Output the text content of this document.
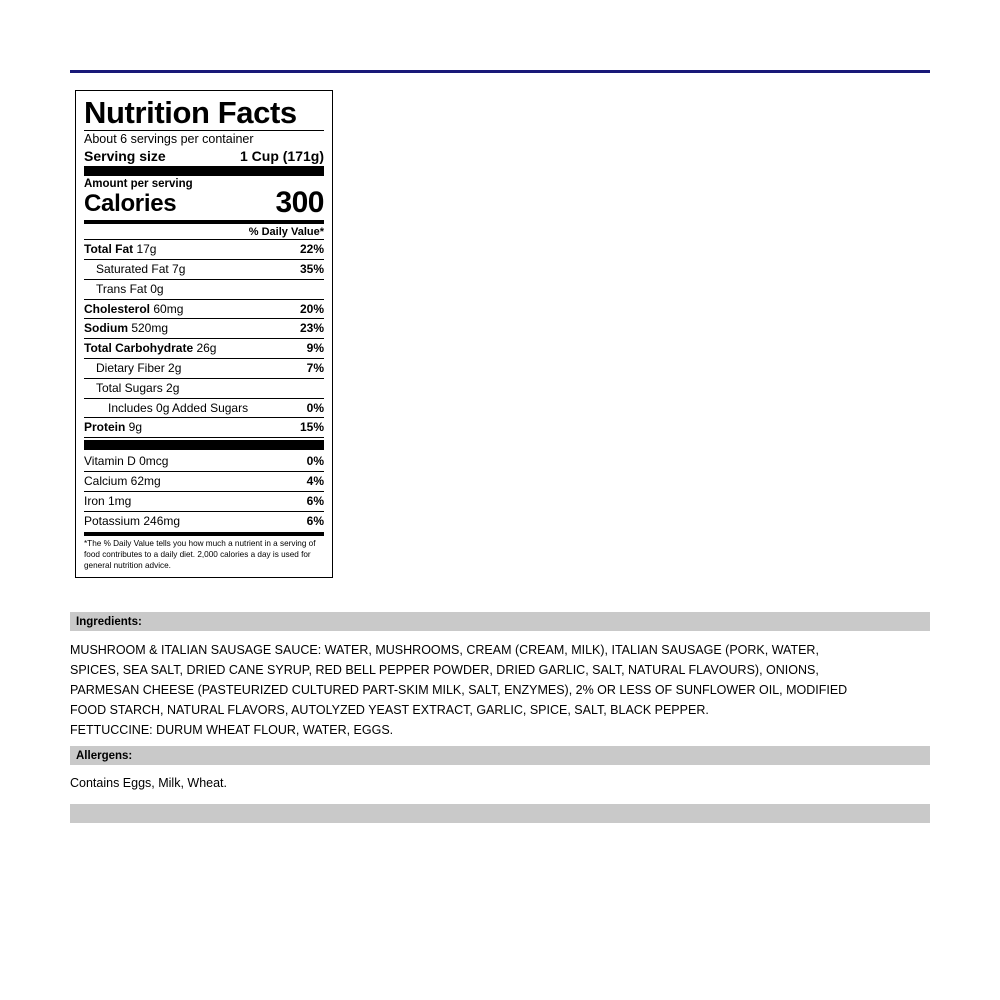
Nutrition Facts
About 6 servings per container
Serving size	1 Cup (171g)
Amount per serving
Calories	300
% Daily Value*
Total Fat 17g	22%
Saturated Fat 7g	35%
Trans Fat 0g
Cholesterol 60mg	20%
Sodium 520mg	23%
Total Carbohydrate 26g	9%
Dietary Fiber 2g	7%
Total Sugars 2g
Includes 0g Added Sugars	0%
Protein 9g	15%
Vitamin D 0mcg	0%
Calcium 62mg	4%
Iron 1mg	6%
Potassium 246mg	6%
*The % Daily Value tells you how much a nutrient in a serving of food contributes to a daily diet. 2,000 calories a day is used for general nutrition advice.
Ingredients:

MUSHROOM & ITALIAN SAUSAGE SAUCE: WATER, MUSHROOMS, CREAM (CREAM, MILK), ITALIAN SAUSAGE (PORK, WATER,

SPICES, SEA SALT, DRIED CANE SYRUP, RED BELL PEPPER POWDER, DRIED GARLIC, SALT, NATURAL FLAVOURS), ONIONS,

PARMESAN CHEESE (PASTEURIZED CULTURED PART-SKIM MILK, SALT, ENZYMES), 2% OR LESS OF SUNFLOWER OIL, MODIFIED

FOOD STARCH, NATURAL FLAVORS, AUTOLYZED YEAST EXTRACT, GARLIC, SPICE, SALT, BLACK PEPPER.

FETTUCCINE: DURUM WHEAT FLOUR, WATER, EGGS.

Allergens:

Contains Eggs, Milk, Wheat.
